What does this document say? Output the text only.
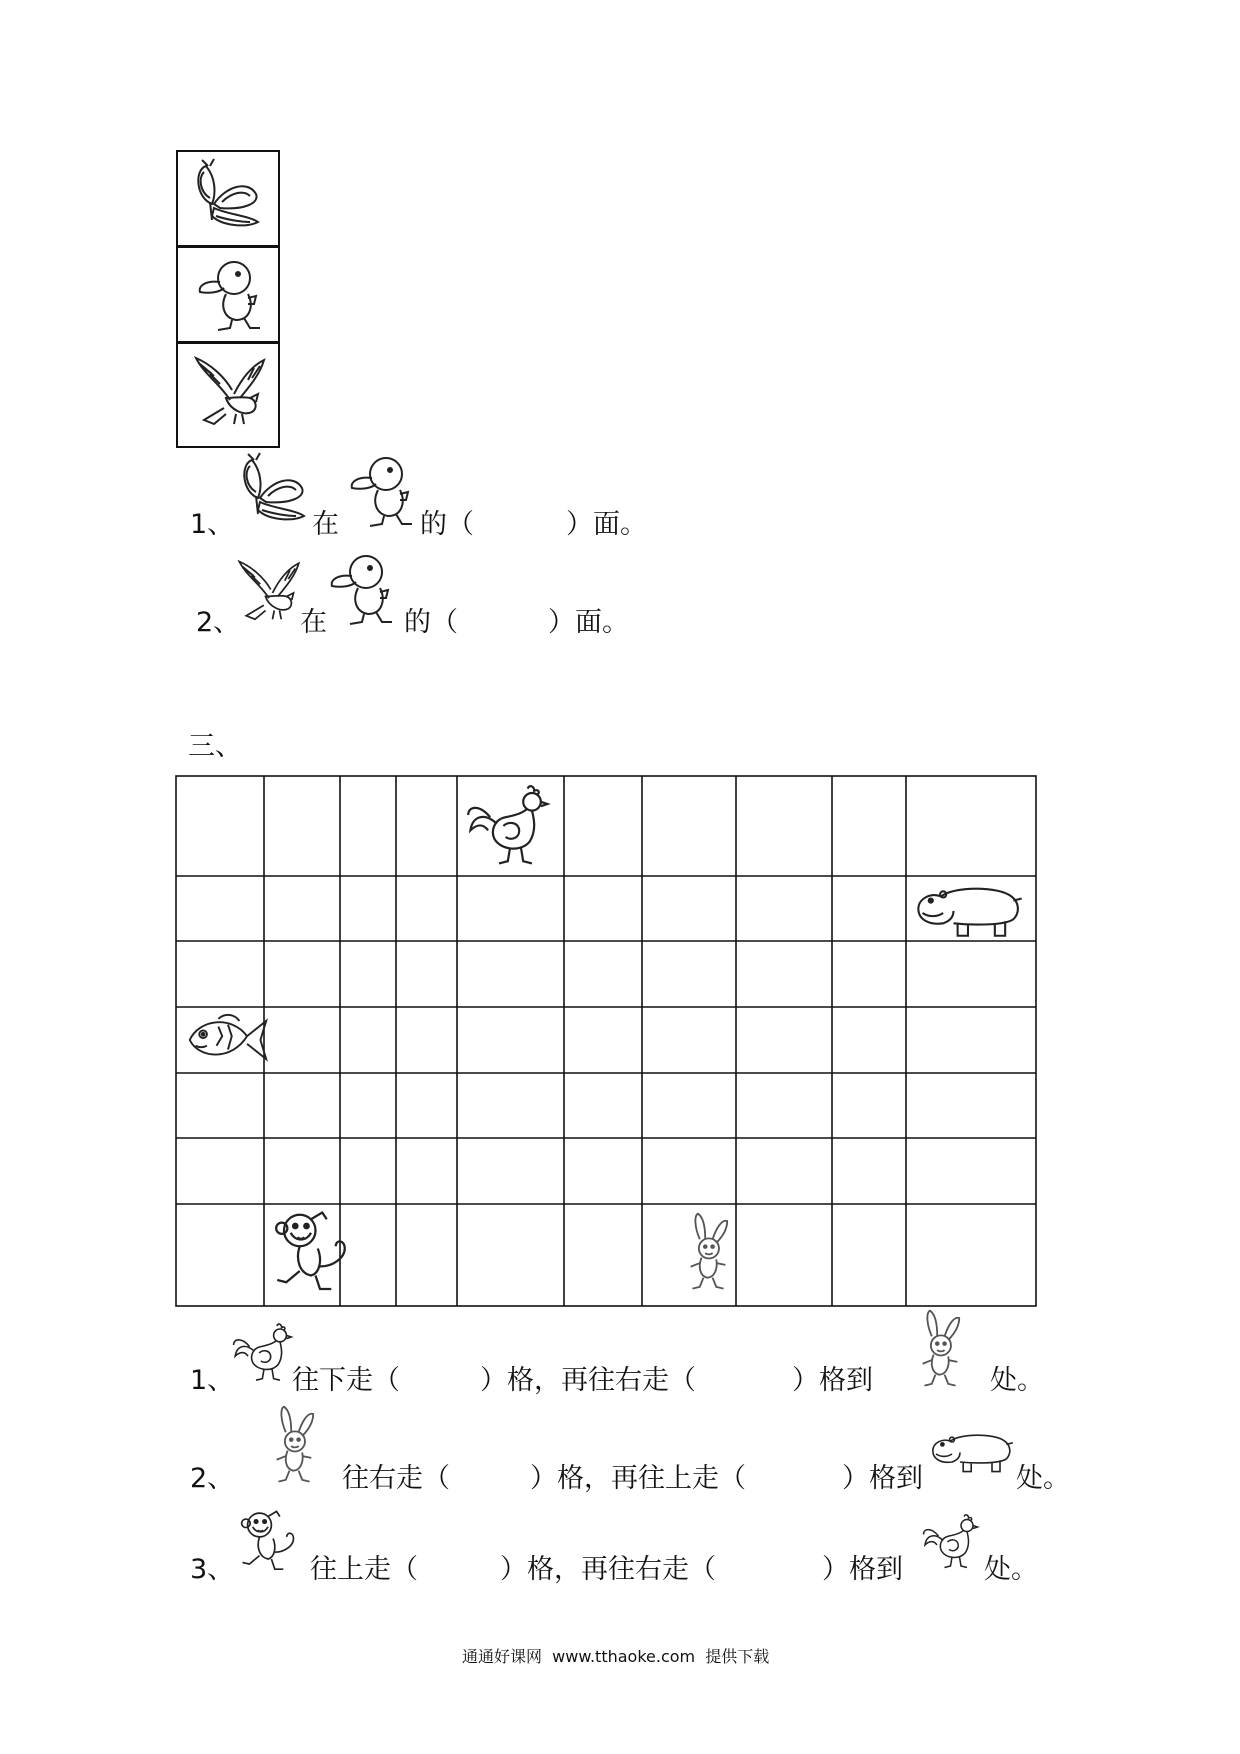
1、	在	的（	）面。
2、 在	的（	）面。
三、
1、 往下走（	）格，再往右走（	）格到	处。
2、	往右走（	）格，再往上走（	）格到	处。
3、	往上走（	）格，再往右走（	）格到	处。
通通好课网  www.tthaoke.com  提供下载
